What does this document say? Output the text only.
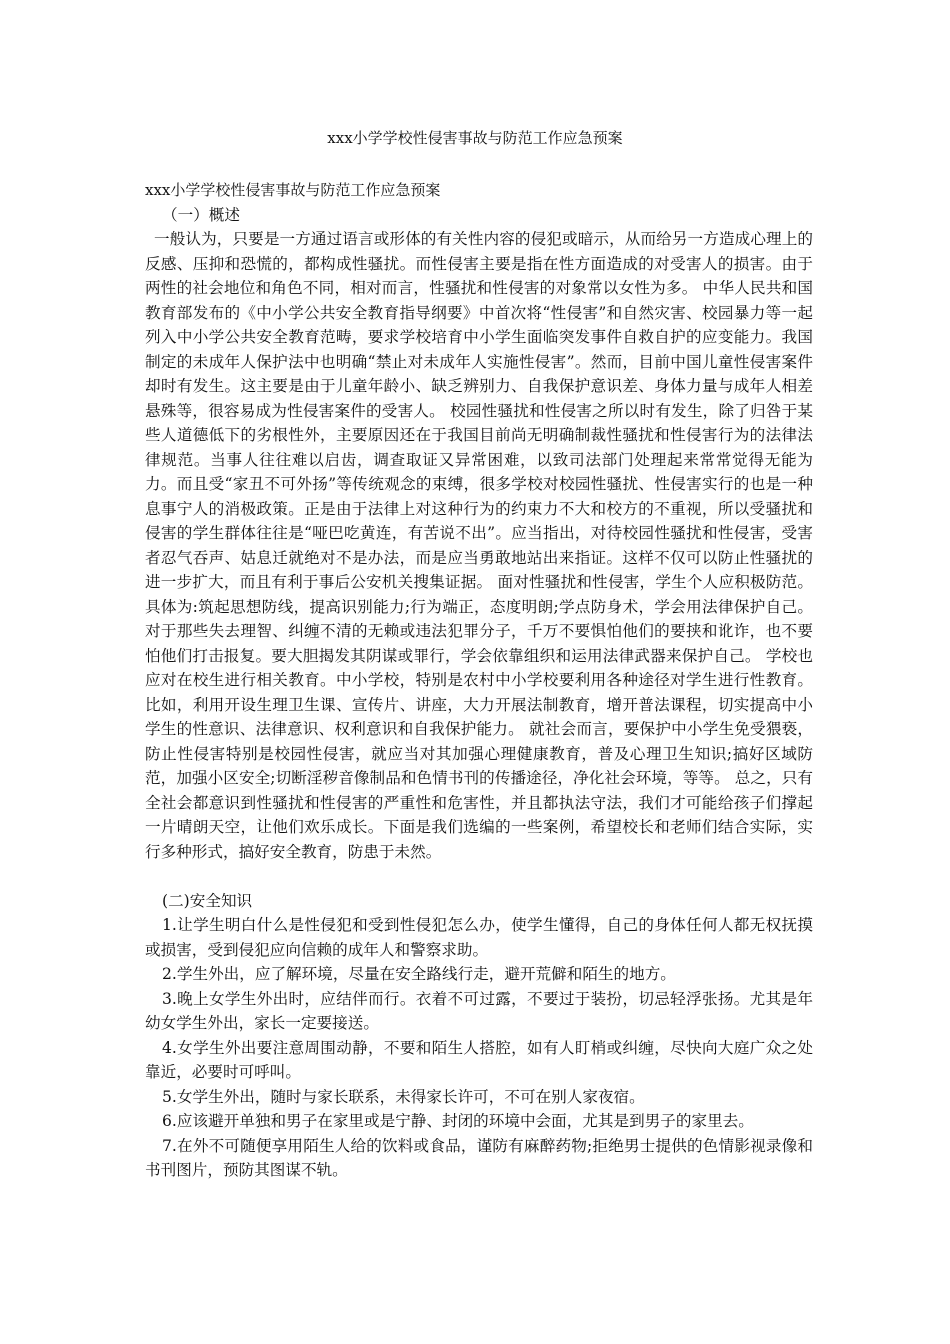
xxx小学学校性侵害事故与防范工作应急预案

xxx小学学校性侵害事故与防范工作应急预案

（一）概述

一般认为，只要是一方通过语言或形体的有关性内容的侵犯或暗示，从而给另一方造成心理上的反感、压抑和恐慌的，都构成性骚扰。而性侵害主要是指在性方面造成的对受害人的损害。由于两性的社会地位和角色不同，相对而言，性骚扰和性侵害的对象常以女性为多。 中华人民共和国教育部发布的《中小学公共安全教育指导纲要》中首次将“性侵害”和自然灾害、校园暴力等一起列入中小学公共安全教育范畴，要求学校培育中小学生面临突发事件自救自护的应变能力。我国制定的未成年人保护法中也明确“禁止对未成年人实施性侵害”。然而，目前中国儿童性侵害案件却时有发生。这主要是由于儿童年龄小、缺乏辨别力、自我保护意识差、身体力量与成年人相差悬殊等，很容易成为性侵害案件的受害人。 校园性骚扰和性侵害之所以时有发生，除了归咎于某些人道德低下的劣根性外，主要原因还在于我国目前尚无明确制裁性骚扰和性侵害行为的法律法律规范。当事人往往难以启齿，调查取证又异常困难，以致司法部门处理起来常常觉得无能为力。而且受“家丑不可外扬”等传统观念的束缚，很多学校对校园性骚扰、性侵害实行的也是一种息事宁人的消极政策。正是由于法律上对这种行为的约束力不大和校方的不重视，所以受骚扰和侵害的学生群体往往是“哑巴吃黄连，有苦说不出”。应当指出，对待校园性骚扰和性侵害，受害者忍气吞声、姑息迁就绝对不是办法，而是应当勇敢地站出来指证。这样不仅可以防止性骚扰的进一步扩大，而且有利于事后公安机关搜集证据。 面对性骚扰和性侵害，学生个人应积极防范。具体为:筑起思想防线，提高识别能力;行为端正，态度明朗;学点防身术，学会用法律保护自己。对于那些失去理智、纠缠不清的无赖或违法犯罪分子，千万不要惧怕他们的要挟和讹诈，也不要怕他们打击报复。要大胆揭发其阴谋或罪行，学会依靠组织和运用法律武器来保护自己。 学校也应对在校生进行相关教育。中小学校，特别是农村中小学校要利用各种途径对学生进行性教育。比如，利用开设生理卫生课、宣传片、讲座，大力开展法制教育，增开普法课程，切实提高中小学生的性意识、法律意识、权利意识和自我保护能力。 就社会而言，要保护中小学生免受猥亵，防止性侵害特别是校园性侵害，就应当对其加强心理健康教育，普及心理卫生知识;搞好区域防范，加强小区安全;切断淫秽音像制品和色情书刊的传播途径，净化社会环境，等等。 总之，只有全社会都意识到性骚扰和性侵害的严重性和危害性，并且都执法守法，我们才可能给孩子们撑起一片晴朗天空，让他们欢乐成长。下面是我们选编的一些案例，希望校长和老师们结合实际，实行多种形式，搞好安全教育，防患于未然。

(二)安全知识

1.让学生明白什么是性侵犯和受到性侵犯怎么办，使学生懂得，自己的身体任何人都无权抚摸或损害，受到侵犯应向信赖的成年人和警察求助。

2.学生外出，应了解环境，尽量在安全路线行走，避开荒僻和陌生的地方。

3.晚上女学生外出时，应结伴而行。衣着不可过露，不要过于装扮，切忌轻浮张扬。尤其是年幼女学生外出，家长一定要接送。

4.女学生外出要注意周围动静，不要和陌生人搭腔，如有人盯梢或纠缠，尽快向大庭广众之处靠近，必要时可呼叫。

5.女学生外出，随时与家长联系，未得家长许可，不可在别人家夜宿。

6.应该避开单独和男子在家里或是宁静、封闭的环境中会面，尤其是到男子的家里去。

7.在外不可随便享用陌生人给的饮料或食品，谨防有麻醉药物;拒绝男士提供的色情影视录像和书刊图片，预防其图谋不轨。
